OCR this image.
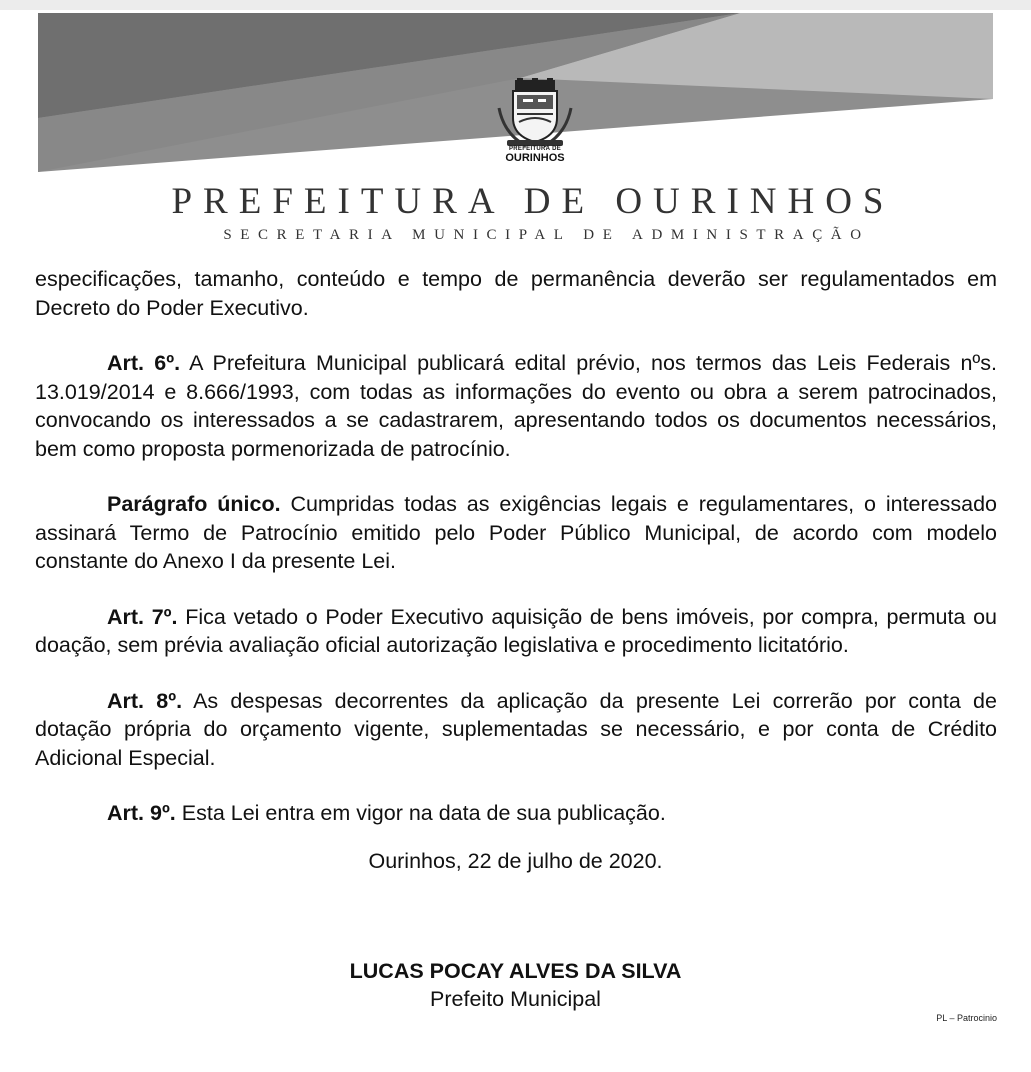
PREFEITURA DE
OURINHOS
PREFEITURA DE OURINHOS
SECRETARIA MUNICIPAL DE ADMINISTRAÇÃO

especificações, tamanho, conteúdo e tempo de permanência deverão ser regulamentados em Decreto do Poder Executivo.

Art. 6º. A Prefeitura Municipal publicará edital prévio, nos termos das Leis Federais nºs. 13.019/2014 e 8.666/1993, com todas as informações do evento ou obra a serem patrocinados, convocando os interessados a se cadastrarem, apresentando todos os documentos necessários, bem como proposta pormenorizada de patrocínio.

Parágrafo único. Cumpridas todas as exigências legais e regulamentares, o interessado assinará Termo de Patrocínio emitido pelo Poder Público Municipal, de acordo com modelo constante do Anexo I da presente Lei.

Art. 7º. Fica vetado o Poder Executivo aquisição de bens imóveis, por compra, permuta ou doação, sem prévia avaliação oficial autorização legislativa e procedimento licitatório.

Art. 8º. As despesas decorrentes da aplicação da presente Lei correrão por conta de dotação própria do orçamento vigente, suplementadas se necessário, e por conta de Crédito Adicional Especial.

Art. 9º. Esta Lei entra em vigor na data de sua publicação.

Ourinhos, 22 de julho de 2020.
LUCAS POCAY ALVES DA SILVA
Prefeito Municipal
PL – Patrocinio
